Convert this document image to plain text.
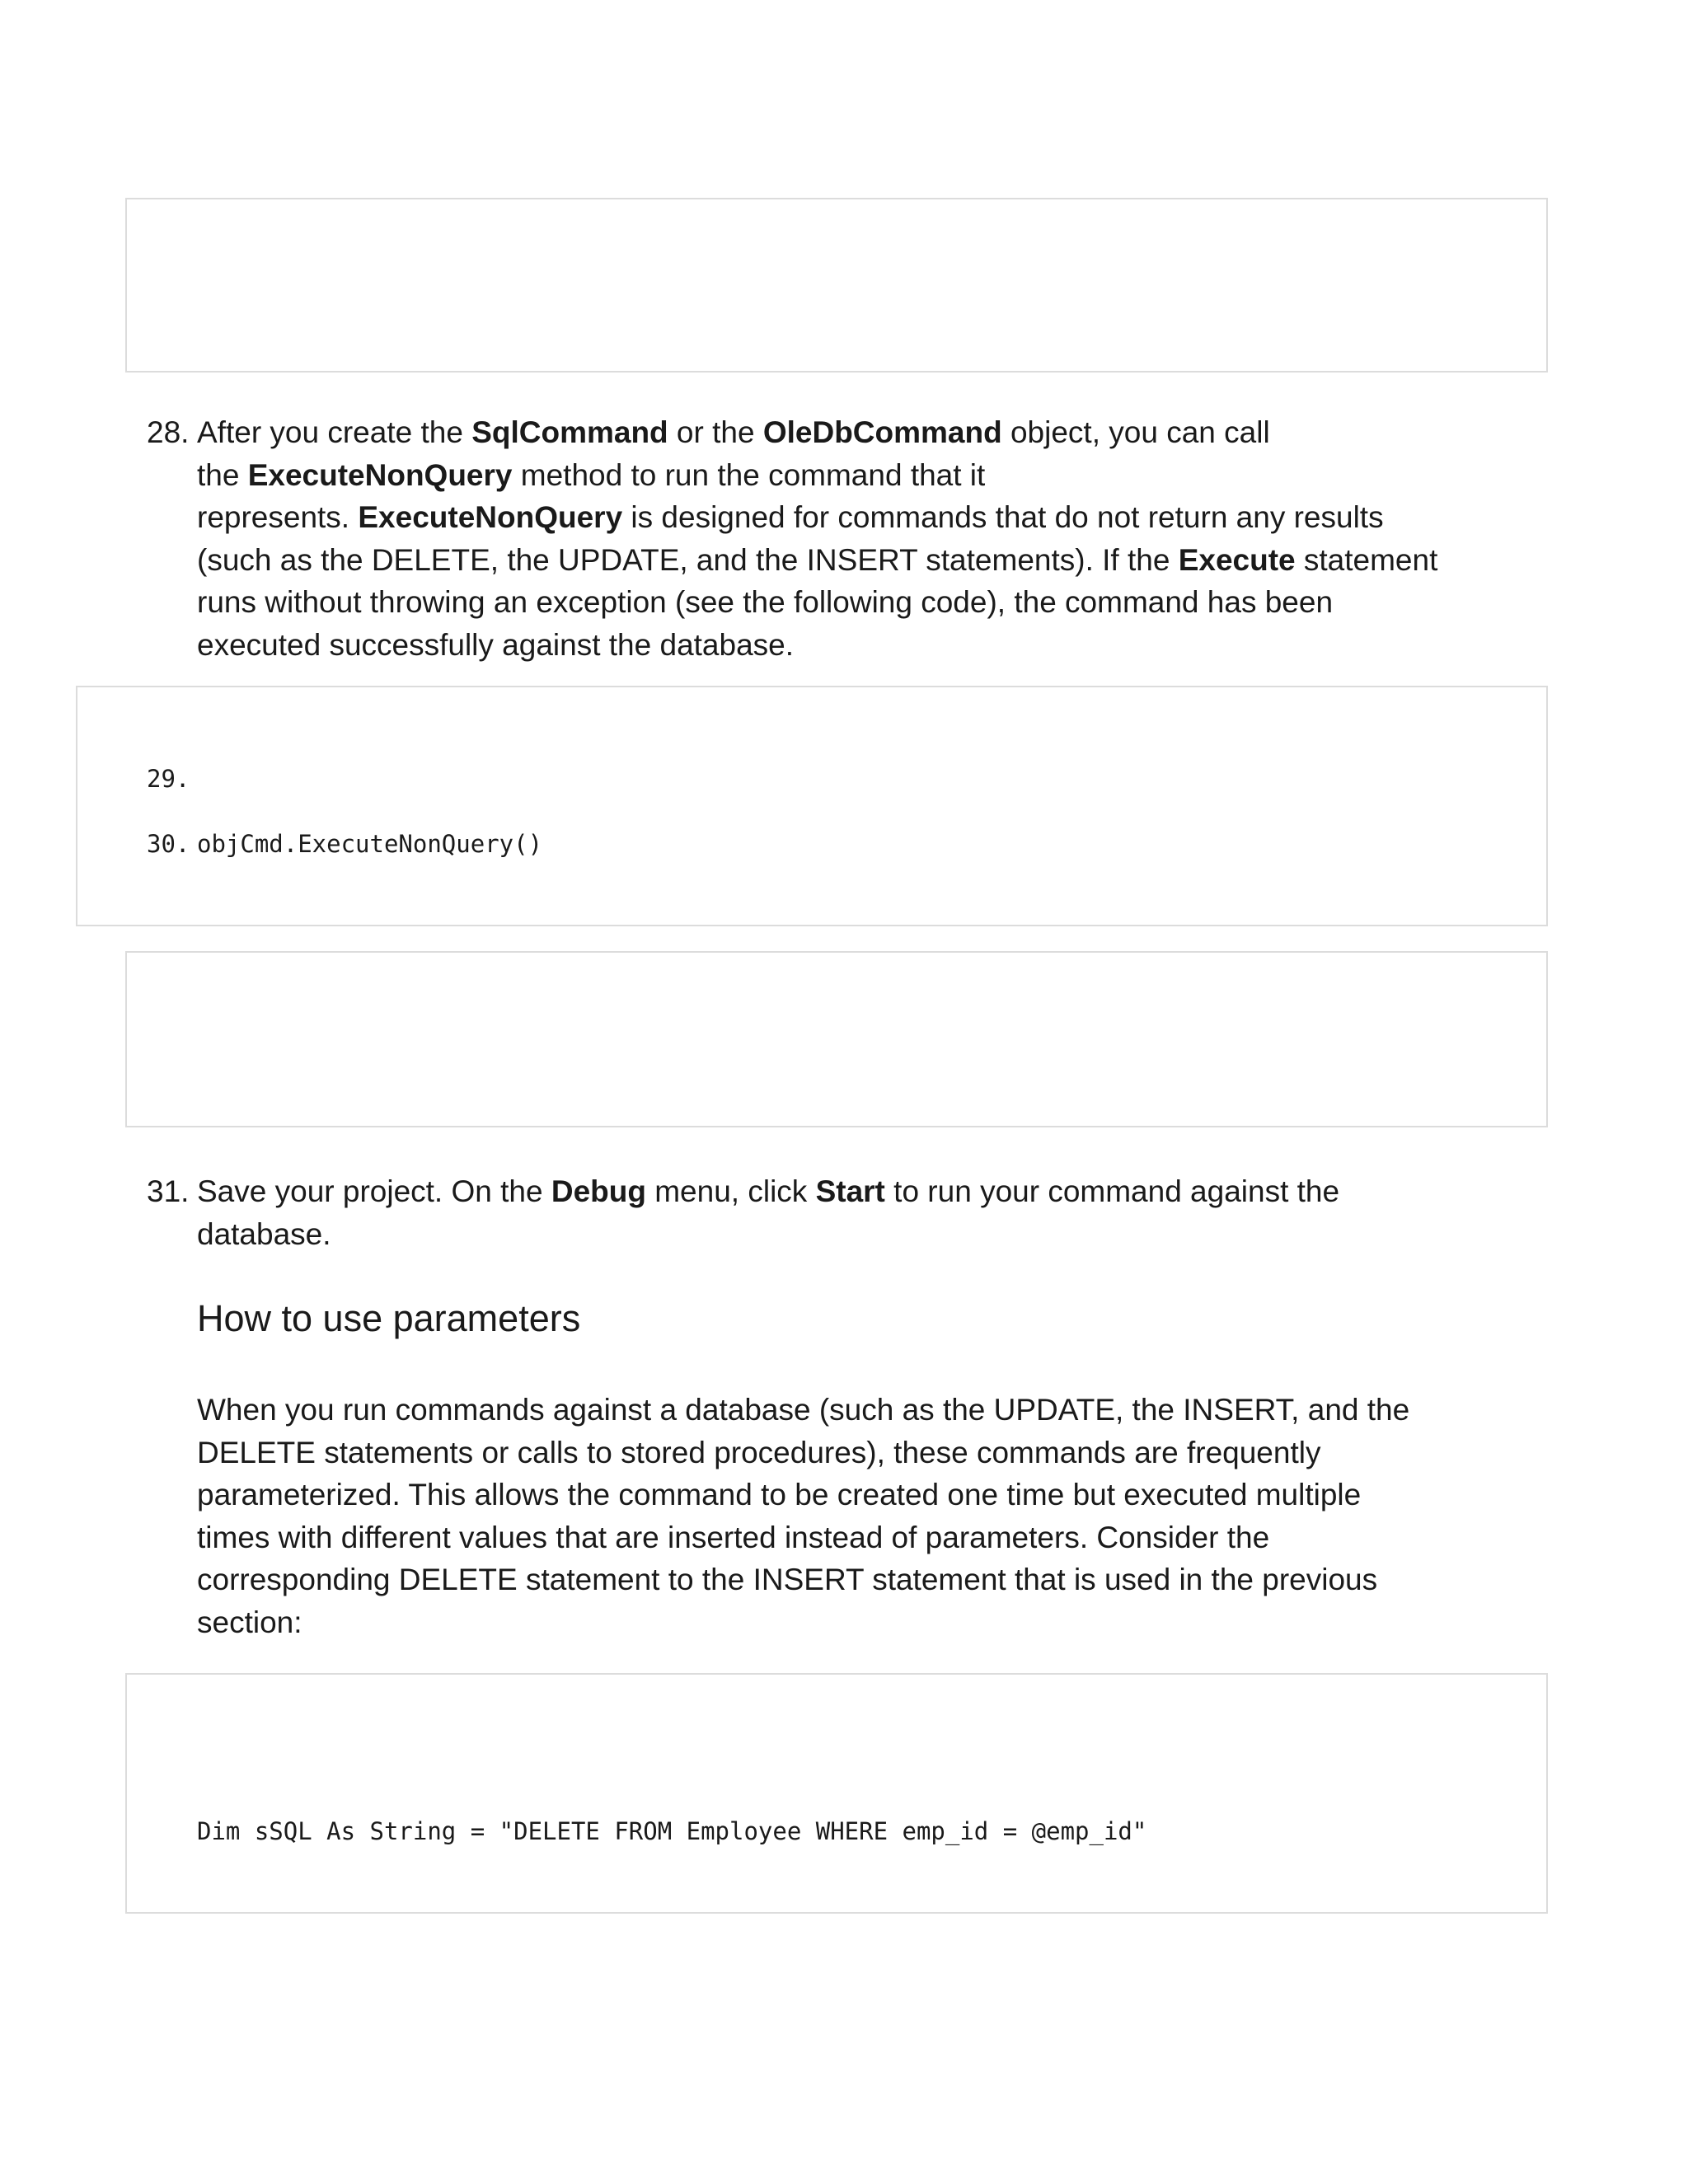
28. After you create the SqlCommand or the OleDbCommand object, you can call
the ExecuteNonQuery method to run the command that it
represents. ExecuteNonQuery is designed for commands that do not return any results
(such as the DELETE, the UPDATE, and the INSERT statements). If the Execute statement
runs without throwing an exception (see the following code), the command has been
executed successfully against the database.
29.
30. objCmd.ExecuteNonQuery()
31. Save your project. On the Debug menu, click Start to run your command against the
database.
How to use parameters
When you run commands against a database (such as the UPDATE, the INSERT, and the
DELETE statements or calls to stored procedures), these commands are frequently
parameterized. This allows the command to be created one time but executed multiple
times with different values that are inserted instead of parameters. Consider the
corresponding DELETE statement to the INSERT statement that is used in the previous
section:
Dim sSQL As String = "DELETE FROM Employee WHERE emp_id = @emp_id"
